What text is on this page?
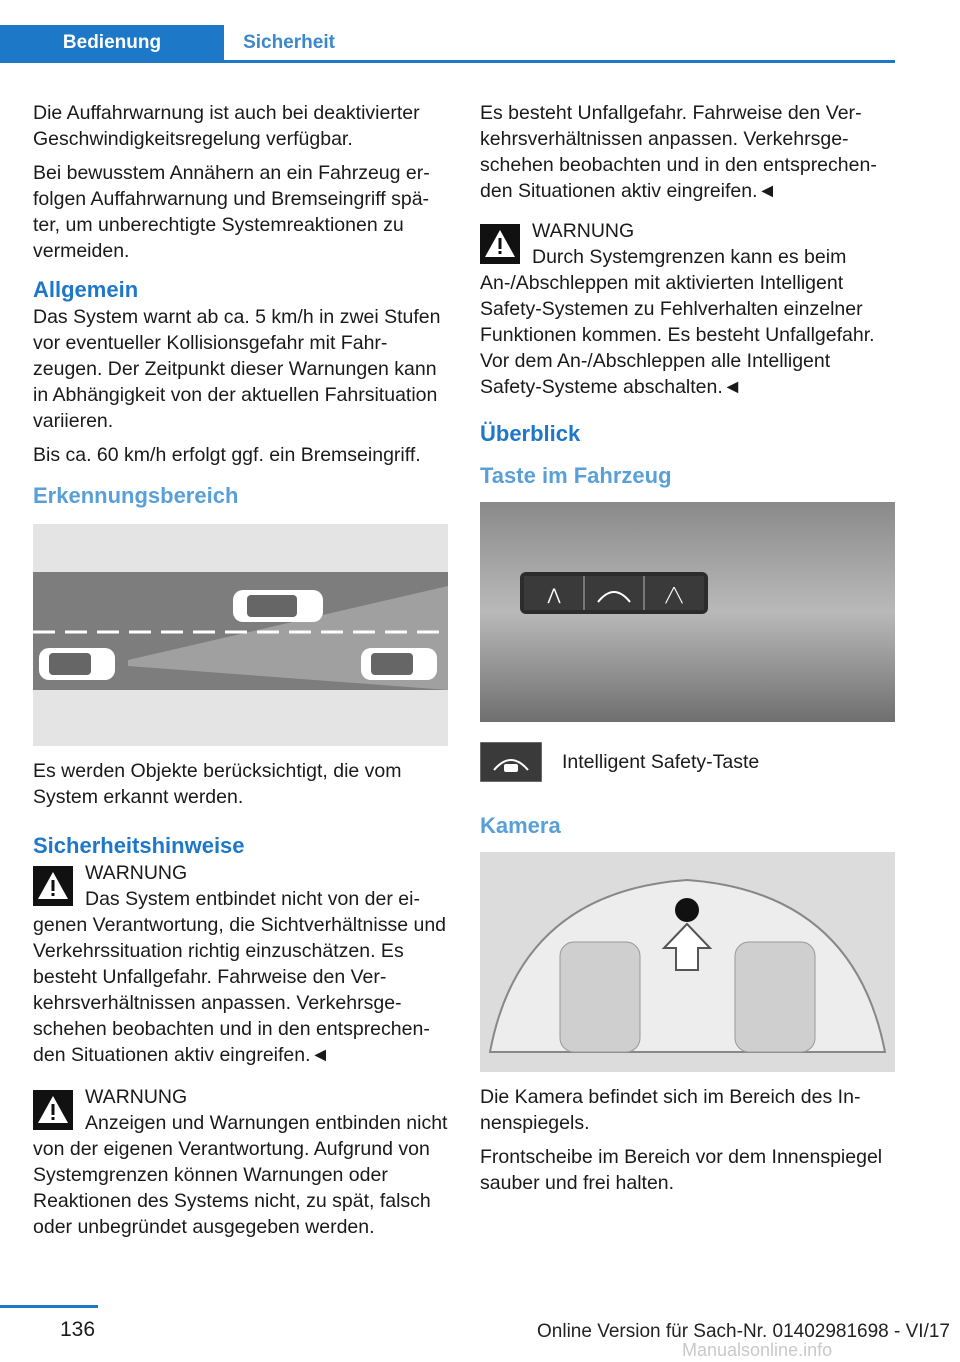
Bedienung	Sicherheit

Die Auffahrwarnung ist auch bei deaktivierter Geschwindigkeitsregelung verfügbar.

Bei bewusstem Annähern an ein Fahrzeug erfolgen Auffahrwarnung und Bremseingriff später, um unberechtigte Systemreaktionen zu vermeiden.

Allgemein

Das System warnt ab ca. 5 km/h in zwei Stufen vor eventueller Kollisionsgefahr mit Fahrzeugen. Der Zeitpunkt dieser Warnungen kann in Abhängigkeit von der aktuellen Fahrsituation variieren.

Bis ca. 60 km/h erfolgt ggf. ein Bremseingriff.

Erkennungsbereich

Es werden Objekte berücksichtigt, die vom System erkannt werden.

Sicherheitshinweise

WARNUNG

Das System entbindet nicht von der eigenen Verantwortung, die Sichtverhältnisse und Verkehrssituation richtig einzuschätzen. Es besteht Unfallgefahr. Fahrweise den Verkehrsverhältnissen anpassen. Verkehrsgeschehen beobachten und in den entsprechenden Situationen aktiv eingreifen.◄

WARNUNG

Anzeigen und Warnungen entbinden nicht von der eigenen Verantwortung. Aufgrund von Systemgrenzen können Warnungen oder Reaktionen des Systems nicht, zu spät, falsch oder unbegründet ausgegeben werden.

Es besteht Unfallgefahr. Fahrweise den Verkehrsverhältnissen anpassen. Verkehrsgeschehen beobachten und in den entsprechenden Situationen aktiv eingreifen.◄

WARNUNG

Durch Systemgrenzen kann es beim An-/Abschleppen mit aktivierten Intelligent Safety-Systemen zu Fehlverhalten einzelner Funktionen kommen. Es besteht Unfallgefahr. Vor dem An-/Abschleppen alle Intelligent Safety-Systeme abschalten.◄

Überblick
Taste im Fahrzeug
⋀	╱╲
Intelligent Safety-Taste
Kamera

Die Kamera befindet sich im Bereich des Innenspiegels.

Frontscheibe im Bereich vor dem Innenspiegel sauber und frei halten.

136	Online Version für Sach-Nr. 01402981698 - VI/17
Manualsonline.info
